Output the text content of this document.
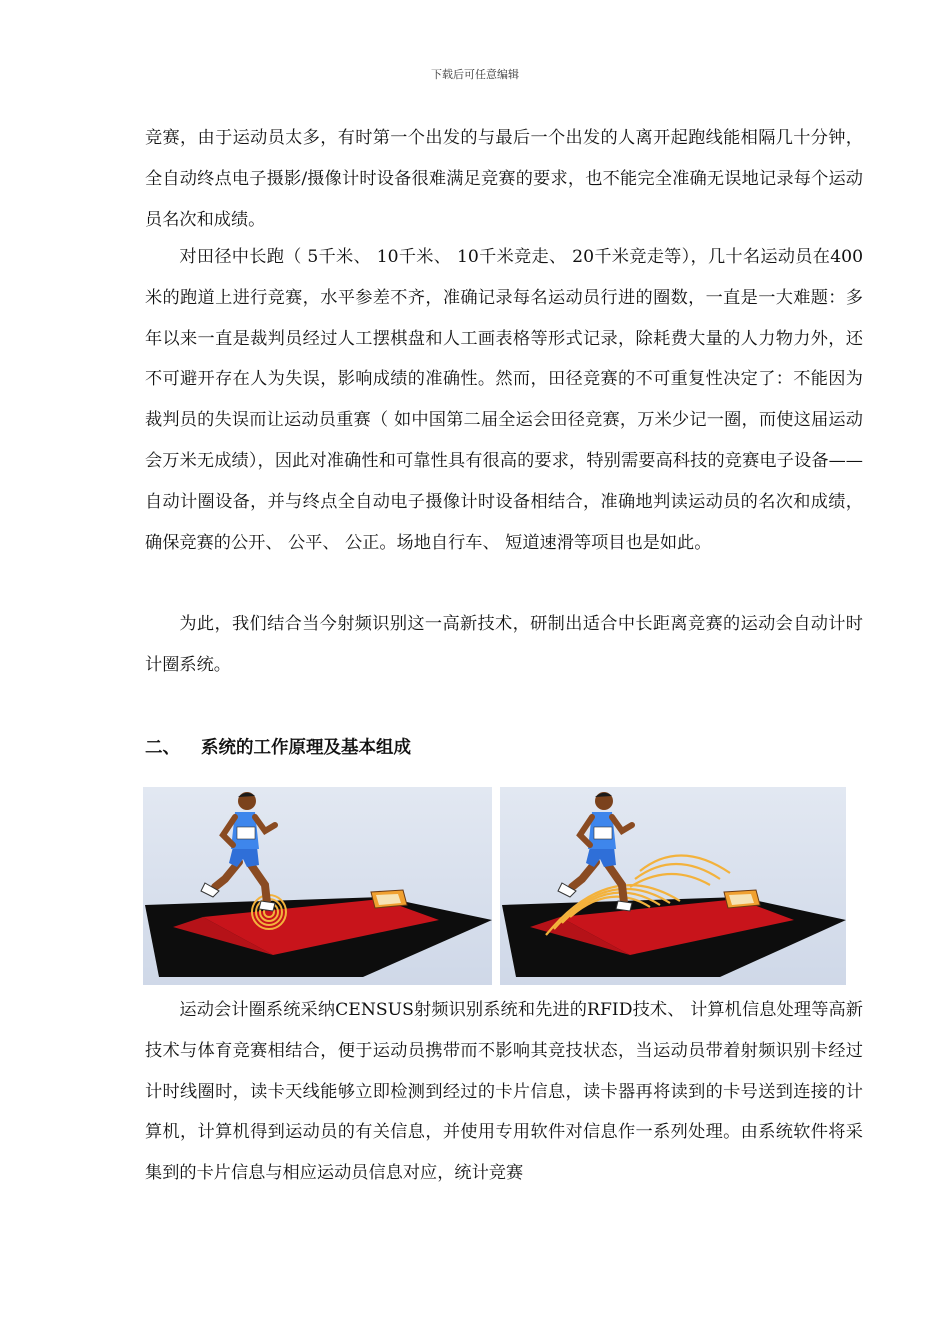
下载后可任意编辑

竞赛，由于运动员太多，有时第一个出发的与最后一个出发的人离开起跑线能相隔几十分钟，全自动终点电子摄影/摄像计时设备很难满足竞赛的要求，也不能完全准确无误地记录每个运动员名次和成绩。

对田径中长跑（ 5千米、 10千米、 10千米竞走、 20千米竞走等），几十名运动员在400米的跑道上进行竞赛，水平参差不齐，准确记录每名运动员行进的圈数，一直是一大难题：多年以来一直是裁判员经过人工摆棋盘和人工画表格等形式记录，除耗费大量的人力物力外，还不可避开存在人为失误，影响成绩的准确性。然而，田径竞赛的不可重复性决定了：不能因为裁判员的失误而让运动员重赛（ 如中国第二届全运会田径竞赛，万米少记一圈，而使这届运动会万米无成绩），因此对准确性和可靠性具有很高的要求，特别需要高科技的竞赛电子设备——自动计圈设备，并与终点全自动电子摄像计时设备相结合，准确地判读运动员的名次和成绩，确保竞赛的公开、 公平、 公正。场地自行车、 短道速滑等项目也是如此。

为此，我们结合当今射频识别这一高新技术，研制出适合中长距离竞赛的运动会自动计时计圈系统。

二、 系统的工作原理及基本组成

运动会计圈系统采纳CENSUS射频识别系统和先进的RFID技术、 计算机信息处理等高新技术与体育竞赛相结合，便于运动员携带而不影响其竞技状态，当运动员带着射频识别卡经过计时线圈时，读卡天线能够立即检测到经过的卡片信息，读卡器再将读到的卡号送到连接的计算机，计算机得到运动员的有关信息，并使用专用软件对信息作一系列处理。由系统软件将采集到的卡片信息与相应运动员信息对应，统计竞赛
